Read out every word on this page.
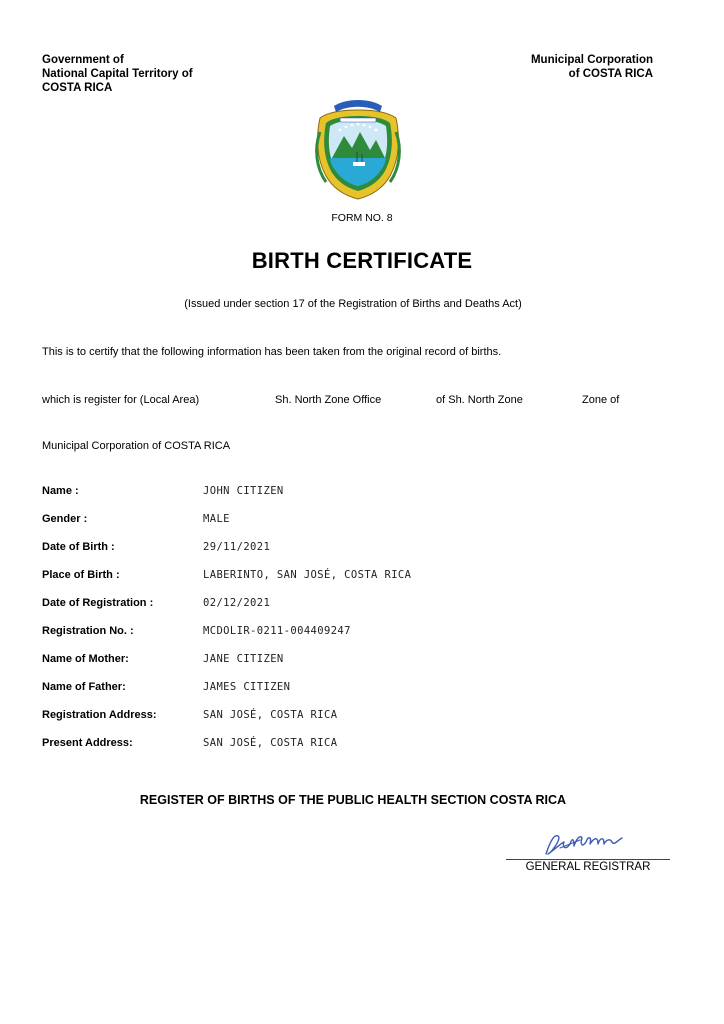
Government of
National Capital Territory of
COSTA RICA
Municipal Corporation
of COSTA RICA
FORM NO. 8
BIRTH CERTIFICATE
(Issued under section 17 of the Registration of Births and Deaths Act)
This is to certify that the following information has been taken from the original record of births.
which is register for (Local Area)	Sh. North Zone Office	of Sh. North Zone	Zone of
Municipal Corporation of COSTA RICA
Name :	JOHN CITIZEN
Gender :	MALE
Date of Birth :	29/11/2021
Place of Birth :	LABERINTO, SAN JOSÉ, COSTA RICA
Date of Registration :	02/12/2021
Registration No. :	MCDOLIR-0211-004409247
Name of Mother:	JANE CITIZEN
Name of Father:	JAMES CITIZEN
Registration Address:	SAN JOSÉ, COSTA RICA
Present Address:	SAN JOSÉ, COSTA RICA
REGISTER OF BIRTHS OF THE PUBLIC HEALTH SECTION COSTA RICA
GENERAL REGISTRAR
